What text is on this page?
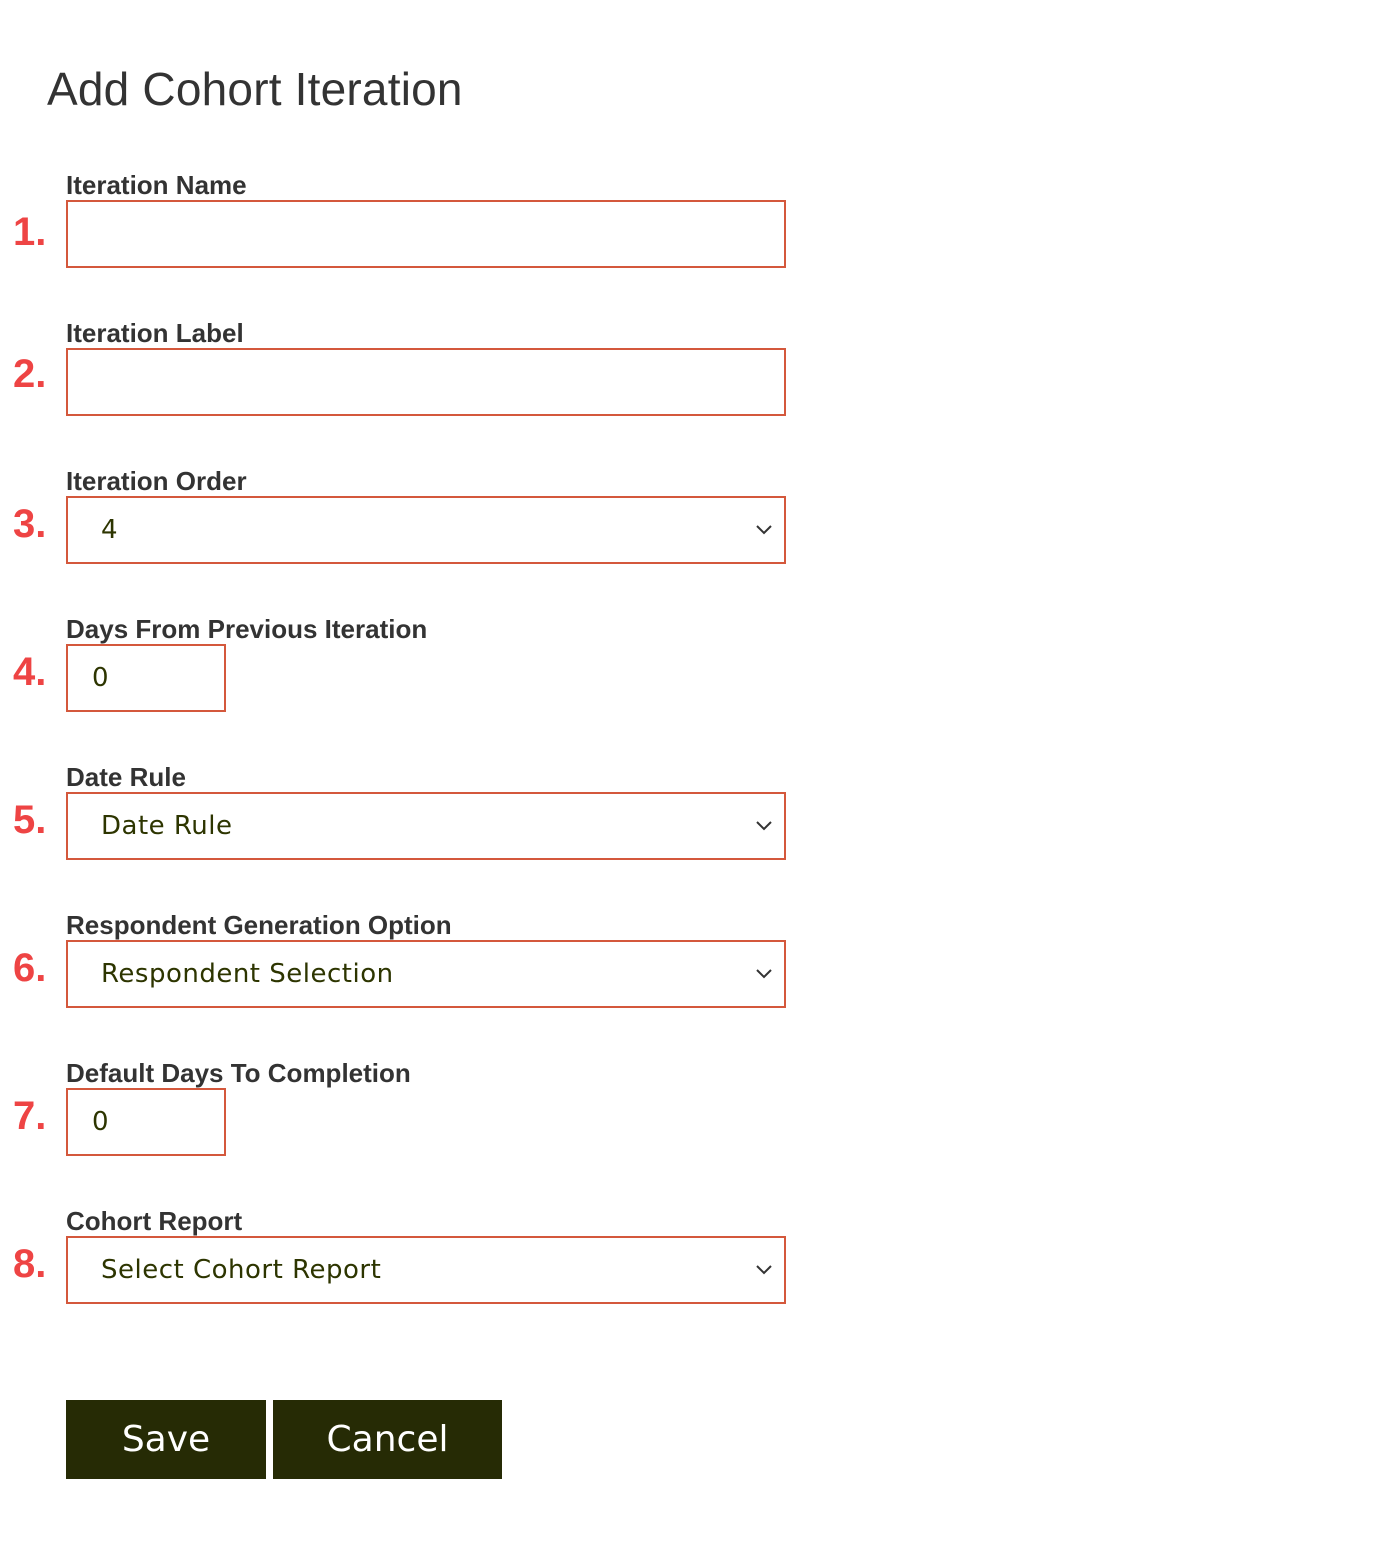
Add Cohort Iteration
Iteration Name
1.
Iteration Label
2.
Iteration Order
3. 4
Days From Previous Iteration
4. 0
Date Rule
5. Date Rule
Respondent Generation Option
6. Respondent Selection
Default Days To Completion
7. 0
Cohort Report
8. Select Cohort Report
Save	Cancel
